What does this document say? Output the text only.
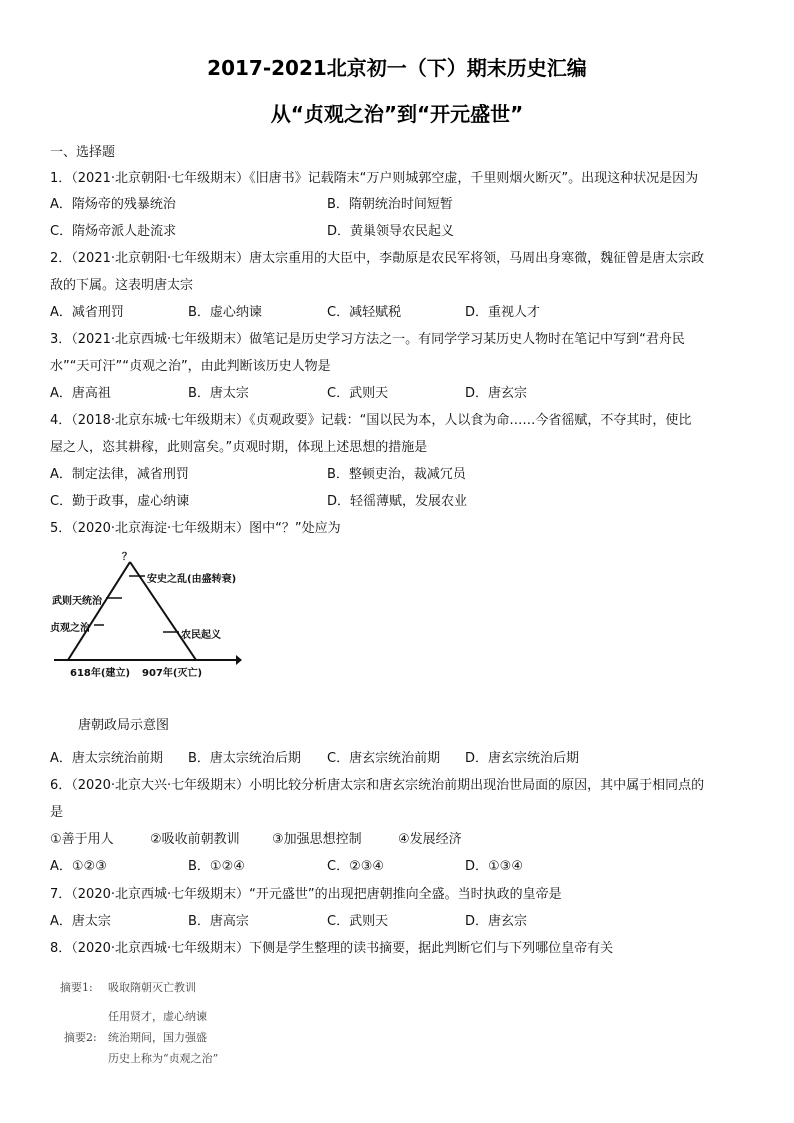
2017-2021北京初一（下）期末历史汇编
从“贞观之治”到“开元盛世”
一、选择题
1．（2021·北京朝阳·七年级期末）《旧唐书》记载隋末“万户则城郭空虚，千里则烟火断灭”。出现这种状况是因为
A．隋炀帝的残暴统治	B．隋朝统治时间短暂
C．隋炀帝派人赴流求	D．黄巢领导农民起义
2．（2021·北京朝阳·七年级期末）唐太宗重用的大臣中，李勣原是农民军将领，马周出身寒微，魏征曾是唐太宗政
敌的下属。这表明唐太宗
A．减省刑罚	B．虚心纳谏	C．减轻赋税	D．重视人才
3．（2021·北京西城·七年级期末）做笔记是历史学习方法之一。有同学学习某历史人物时在笔记中写到“君舟民
水”“天可汗”“贞观之治”，由此判断该历史人物是
A．唐高祖	B．唐太宗	C．武则天	D．唐玄宗
4．（2018·北京东城·七年级期末）《贞观政要》记载：“国以民为本，人以食为命……今省徭赋，不夺其时，使比
屋之人，恣其耕稼，此则富矣。”贞观时期，体现上述思想的措施是
A．制定法律，减省刑罚	B．整顿吏治，裁减冗员
C．勤于政事，虚心纳谏	D．轻徭薄赋，发展农业
5．（2020·北京海淀·七年级期末）图中“？”处应为
？
武则天统治
贞观之治
安史之乱(由盛转衰)
农民起义
618年(建立) 907年(灭亡)
唐朝政局示意图
A．唐太宗统治前期 B．唐太宗统治后期 C．唐玄宗统治前期 D．唐玄宗统治后期
6．（2020·北京大兴·七年级期末）小明比较分析唐太宗和唐玄宗统治前期出现治世局面的原因，其中属于相同点的
是
①善于用人	②吸收前朝教训 ③加强思想控制	④发展经济
A．①②③	B．①②④	C．②③④	D．①③④
7．（2020·北京西城·七年级期末）“开元盛世”的出现把唐朝推向全盛。当时执政的皇帝是
A．唐太宗	B．唐高宗	C．武则天	D．唐玄宗
8．（2020·北京西城·七年级期末）下侧是学生整理的读书摘要，据此判断它们与下列哪位皇帝有关
摘要1: 吸取隋朝灭亡教训
任用贤才，虚心纳谏
摘要2: 统治期间，国力强盛
历史上称为“贞观之治”
